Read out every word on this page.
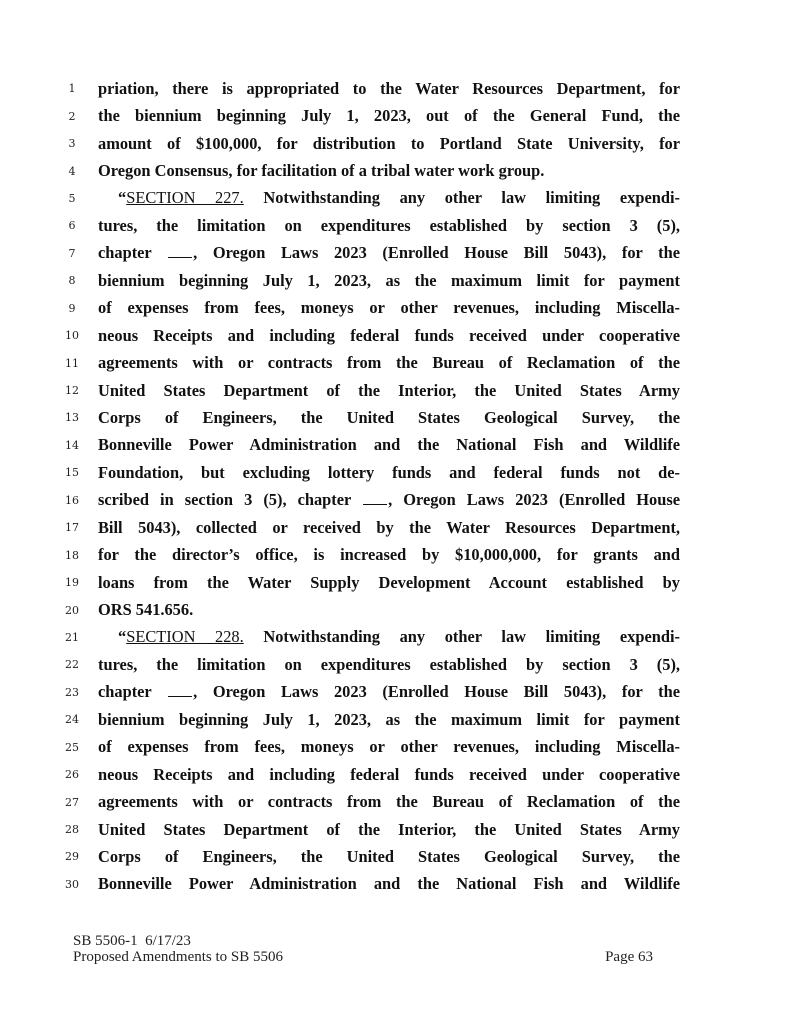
1	priation, there is appropriated to the Water Resources Department, for
2	the biennium beginning July 1, 2023, out of the General Fund, the
3	amount of $100,000, for distribution to Portland State University, for
4	Oregon Consensus, for facilitation of a tribal water work group.
5	“SECTION 227. Notwithstanding any other law limiting expendi-
6	tures, the limitation on expenditures established by section 3 (5),
7	chapter , Oregon Laws 2023 (Enrolled House Bill 5043), for the
8	biennium beginning July 1, 2023, as the maximum limit for payment
9	of expenses from fees, moneys or other revenues, including Miscella-
10	neous Receipts and including federal funds received under cooperative
11	agreements with or contracts from the Bureau of Reclamation of the
12	United States Department of the Interior, the United States Army
13	Corps of Engineers, the United States Geological Survey, the
14	Bonneville Power Administration and the National Fish and Wildlife
15	Foundation, but excluding lottery funds and federal funds not de-
16	scribed in section 3 (5), chapter , Oregon Laws 2023 (Enrolled House
17	Bill 5043), collected or received by the Water Resources Department,
18	for the director’s office, is increased by $10,000,000, for grants and
19	loans from the Water Supply Development Account established by
20	ORS 541.656.
21	“SECTION 228. Notwithstanding any other law limiting expendi-
22	tures, the limitation on expenditures established by section 3 (5),
23	chapter , Oregon Laws 2023 (Enrolled House Bill 5043), for the
24	biennium beginning July 1, 2023, as the maximum limit for payment
25	of expenses from fees, moneys or other revenues, including Miscella-
26	neous Receipts and including federal funds received under cooperative
27	agreements with or contracts from the Bureau of Reclamation of the
28	United States Department of the Interior, the United States Army
29	Corps of Engineers, the United States Geological Survey, the
30	Bonneville Power Administration and the National Fish and Wildlife
SB 5506-1 6/17/23
Proposed Amendments to SB 5506	Page 63
